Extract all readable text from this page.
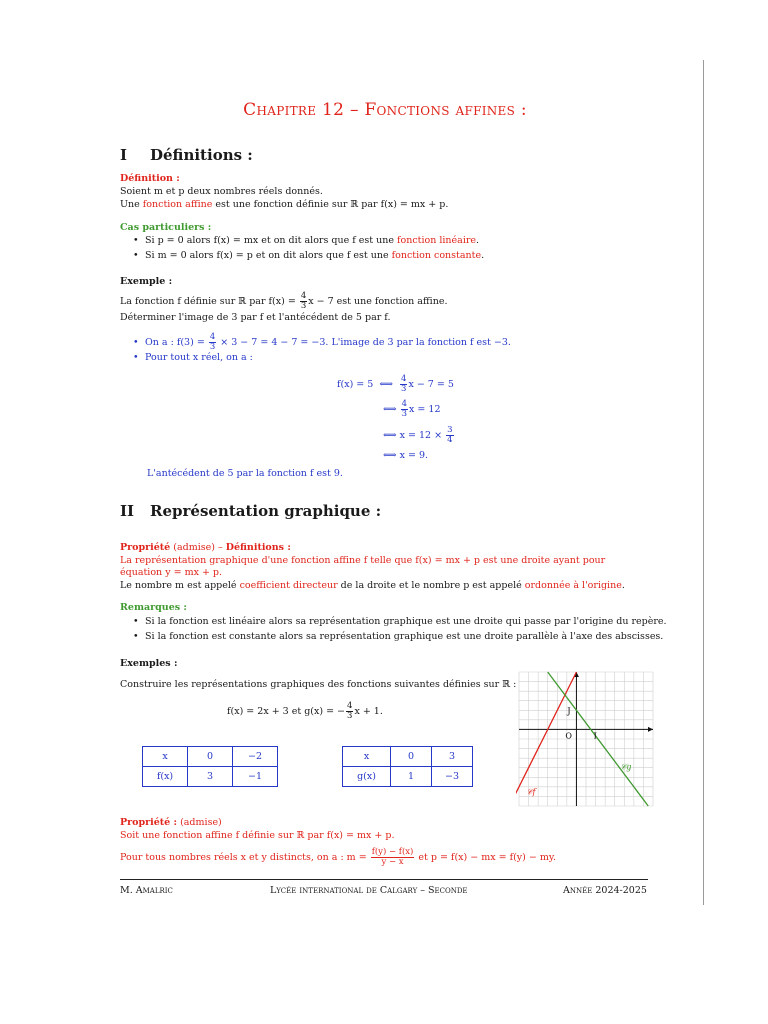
Chapitre 12 – Fonctions affines :
I Définitions :
Définition :
Soient m et p deux nombres réels donnés.
Une fonction affine est une fonction définie sur ℝ par f(x) = mx + p.
Cas particuliers :
• Si p = 0 alors f(x) = mx et on dit alors que f est une fonction linéaire.
• Si m = 0 alors f(x) = p et on dit alors que f est une fonction constante.
Exemple :
La fonction f définie sur ℝ par $f(x) = \frac{4}{3}$ x − 7 est une fonction affine.
Déterminer l'image de 3 par f et l'antécédent de 5 par f.
• On a : $f(3) = \frac{4}{3} \times 3 - 7 = 4 - 7 = -3$. L'image de 3 par la fonction f est −3.
• Pour tout x réel, on a :
f(x) = 5 ⟺ $\frac{4}{3}$ x − 7 = 5
⟺ $\frac{4}{3}$ x = 12
⟺ $x = 12 \times \frac{3}{4}$
⟺ x = 9.
L'antécédent de 5 par la fonction f est 9.
II Représentation graphique :
Propriété (admise) – Définitions :
La représentation graphique d'une fonction affine f telle que f(x) = mx + p est une droite ayant pour équation y = mx + p.
Le nombre m est appelé coefficient directeur de la droite et le nombre p est appelé ordonnée à l'origine.
Remarques :
• Si la fonction est linéaire alors sa représentation graphique est une droite qui passe par l'origine du repère.
• Si la fonction est constante alors sa représentation graphique est une droite parallèle à l'axe des abscisses.
Exemples :
Construire les représentations graphiques des fonctions suivantes définies sur ℝ :
f(x) = 2x + 3 et g(x) = − $\frac{4}{3}$ x + 1.
x	0	−2
f(x)	3	−1
x	0	3
g(x)	1	−3
O	I
J
𝒞f
𝒞g
Propriété : (admise)
Soit une fonction affine f définie sur ℝ par f(x) = mx + p.
Pour tous nombres réels x et y distincts, on a : $m = \frac{f(y) - f(x)}{y - x}$ et p = f(x) − mx = f(y) − my.
M. Amalric	Lycée international de Calgary – Seconde	Année 2024-2025
